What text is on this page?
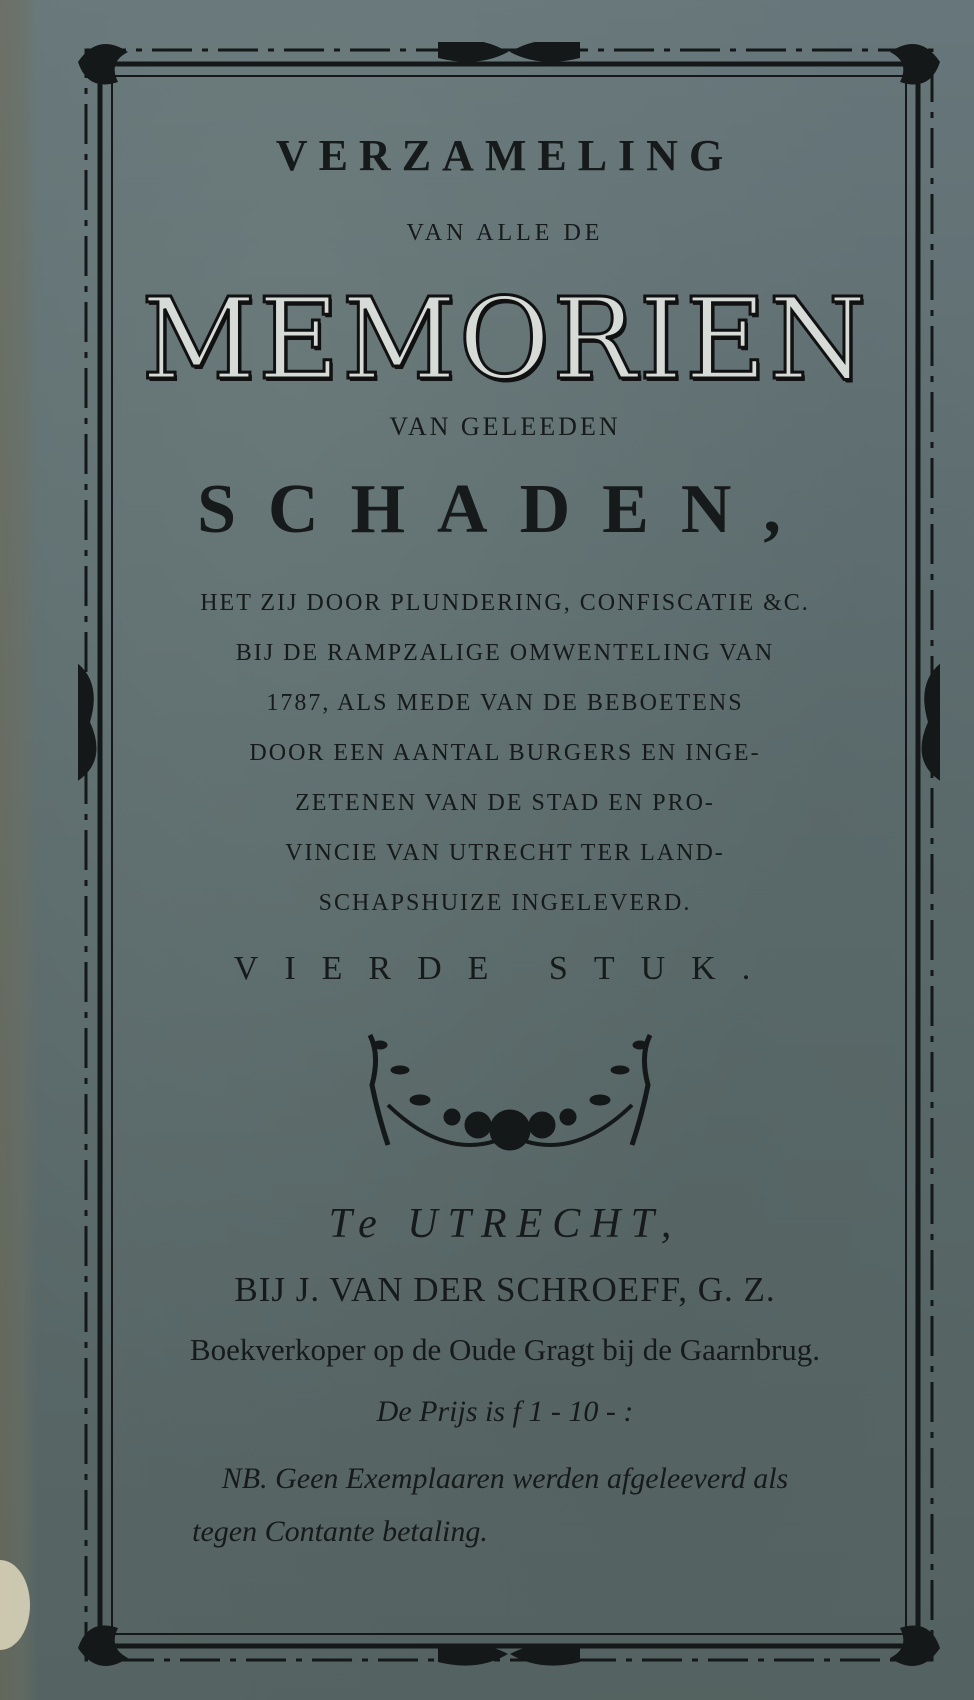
VERZAMELING
VAN ALLE DE
MEMORIEN
VAN GELEEDEN
SCHADEN,
HET ZIJ DOOR PLUNDERING, CONFISCATIE &C.
BIJ DE RAMPZALIGE OMWENTELING VAN
1787, ALS MEDE VAN DE BEBOETENS
DOOR EEN AANTAL BURGERS EN INGE-
ZETENEN VAN DE STAD EN PRO-
VINCIE VAN UTRECHT TER LAND-
SCHAPSHUIZE INGELEVERD.
VIERDE STUK.
Te UTRECHT,
BIJ J. VAN DER SCHROEFF, G. Z.
Boekverkoper op de Oude Gragt bij de Gaarnbrug.
De Prijs is f 1 - 10 - :
NB. Geen Exemplaaren werden afgeleeverd als
tegen Contante betaling.
